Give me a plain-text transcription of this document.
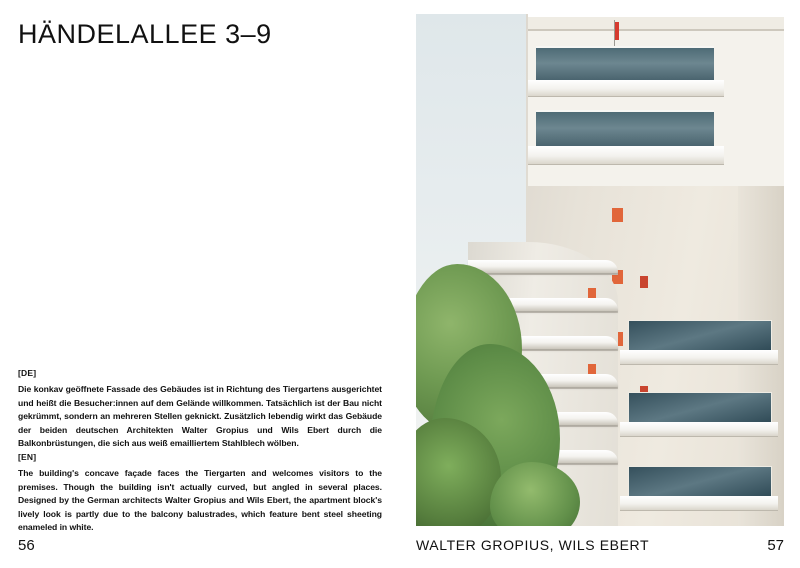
HÄNDELALLEE 3–9
[DE]
Die konkav geöffnete Fassade des Gebäudes ist in Richtung des Tiergartens ausgerichtet und heißt die Besucher:innen auf dem Gelände willkommen. Tatsächlich ist der Bau nicht gekrümmt, sondern an mehreren Stellen geknickt. Zusätzlich lebendig wirkt das Gebäude der beiden deutschen Architekten Walter Gropius und Wils Ebert durch die Balkonbrüstungen, die sich aus weiß emailliertem Stahlblech wölben.
[EN]
The building's concave façade faces the Tiergarten and welcomes visitors to the premises. Though the building isn't actually curved, but angled in several places. Designed by the German architects Walter Gropius and Wils Ebert, the apartment block's lively look is partly due to the balcony balustrades, which feature bent steel sheeting enameled in white.
56	WALTER GROPIUS, WILS EBERT	57
